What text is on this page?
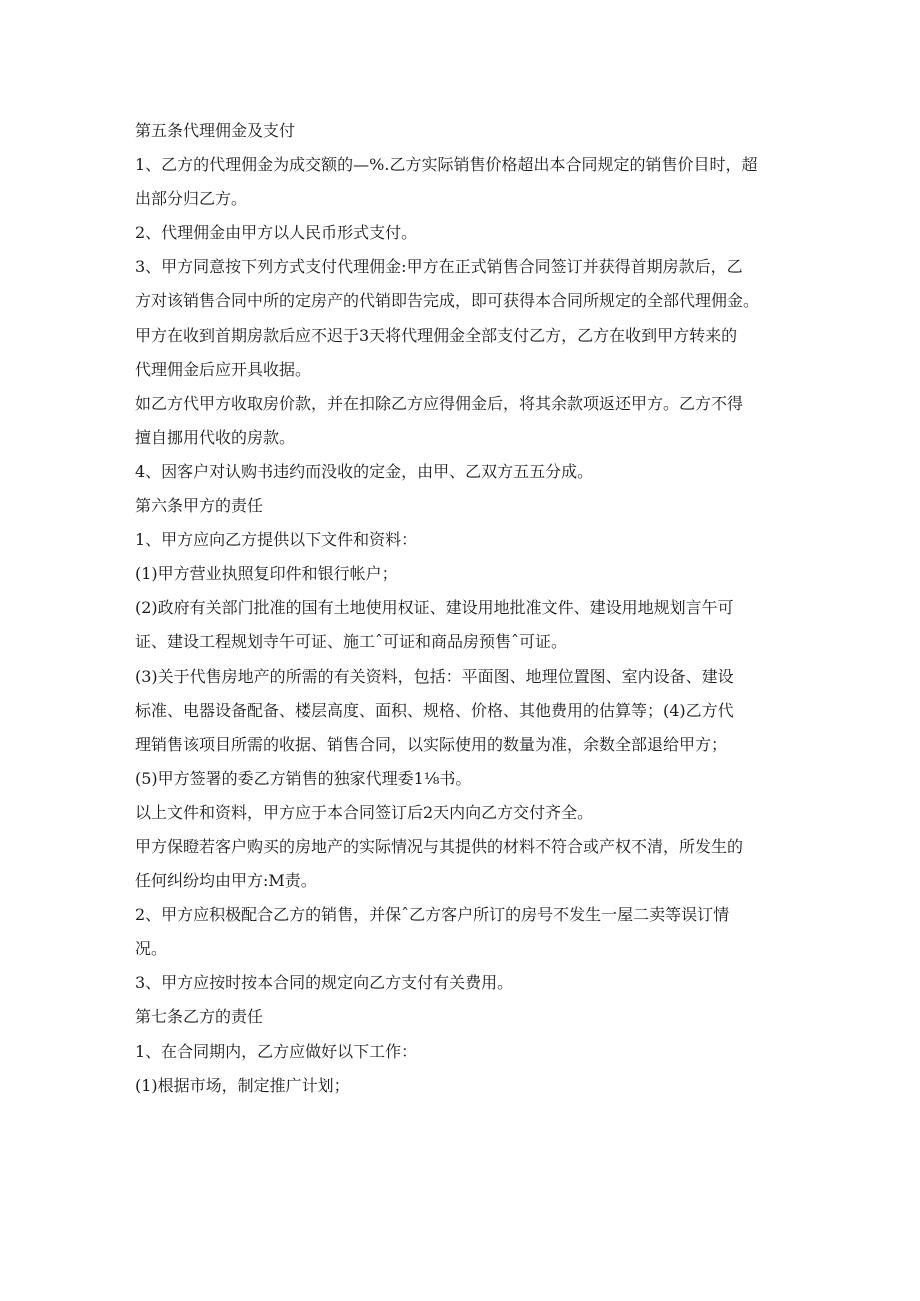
第五条代理佣金及支付
1、乙方的代理佣金为成交额的—%.乙方实际销售价格超出本合同规定的销售价目时，超
出部分归乙方。
2、代理佣金由甲方以人民币形式支付。
3、甲方同意按下列方式支付代理佣金:甲方在正式销售合同签订并获得首期房款后，乙
方对该销售合同中所的定房产的代销即告完成，即可获得本合同所规定的全部代理佣金。
甲方在收到首期房款后应不迟于3天将代理佣金全部支付乙方，乙方在收到甲方转来的
代理佣金后应开具收据。
如乙方代甲方收取房价款，并在扣除乙方应得佣金后，将其余款项返还甲方。乙方不得
擅自挪用代收的房款。
4、因客户对认购书违约而没收的定金，由甲、乙双方五五分成。
第六条甲方的责任
1、甲方应向乙方提供以下文件和资料：
(1)甲方营业执照复印件和银行帐户；
(2)政府有关部门批准的国有土地使用权证、建设用地批准文件、建设用地规划言午可
证、建设工程规划寺午可证、施工ˆ可证和商品房预售ˆ可证。
(3)关于代售房地产的所需的有关资料，包括：平面图、地理位置图、室内设备、建设
标准、电器设备配备、楼层高度、面积、规格、价格、其他费用的估算等；(4)乙方代
理销售该项目所需的收据、销售合同，以实际使用的数量为准，余数全部退给甲方；
(5)甲方签署的委乙方销售的独家代理委1⅛书。
以上文件和资料，甲方应于本合同签订后2天内向乙方交付齐全。
甲方保瞪若客户购买的房地产的实际情况与其提供的材料不符合或产权不清，所发生的
任何纠纷均由甲方:M责。
2、甲方应积极配合乙方的销售，并保ˆ乙方客户所订的房号不发生一屋二卖等误订情
况。
3、甲方应按时按本合同的规定向乙方支付有关费用。
第七条乙方的责任
1、在合同期内，乙方应做好以下工作：
(1)根据市场，制定推广计划；
